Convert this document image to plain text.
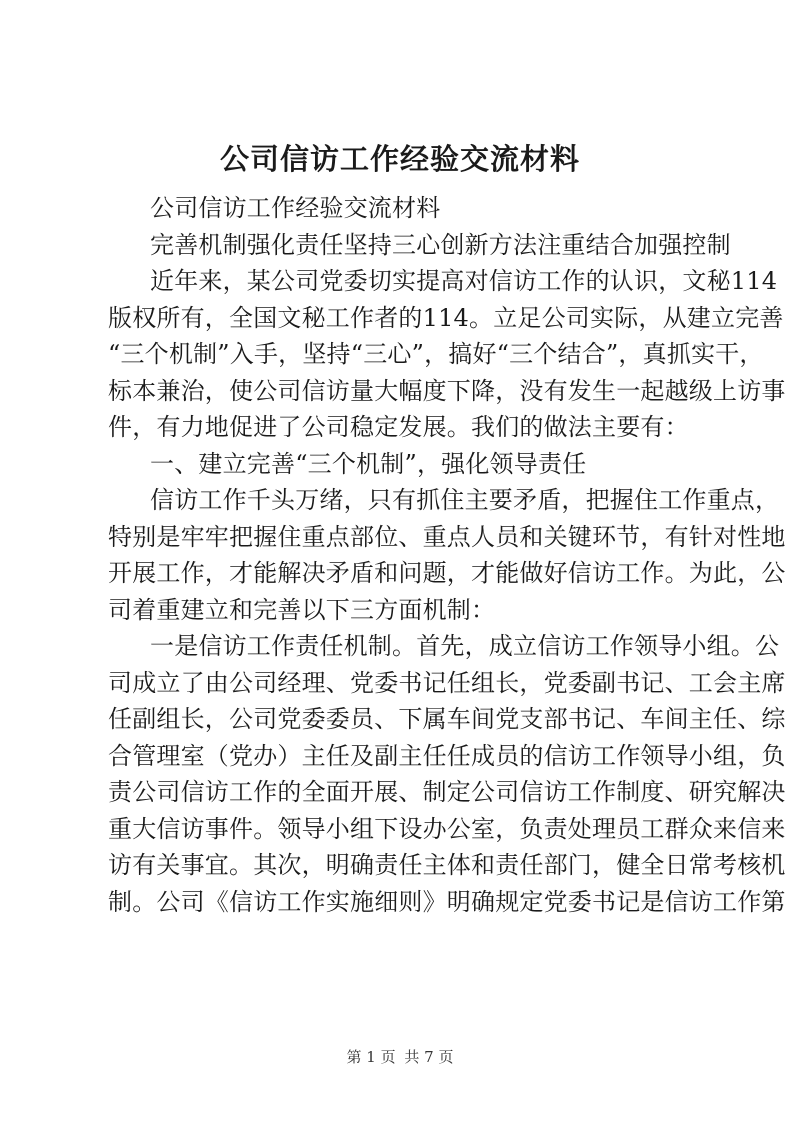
公司信访工作经验交流材料

公司信访工作经验交流材料

完善机制强化责任坚持三心创新方法注重结合加强控制

近年来，某公司党委切实提高对信访工作的认识，文秘114

版权所有，全国文秘工作者的114。立足公司实际，从建立完善

“三个机制”入手，坚持“三心”，搞好“三个结合”，真抓实干，

标本兼治，使公司信访量大幅度下降，没有发生一起越级上访事

件，有力地促进了公司稳定发展。我们的做法主要有：

一、建立完善“三个机制”，强化领导责任

信访工作千头万绪，只有抓住主要矛盾，把握住工作重点，

特别是牢牢把握住重点部位、重点人员和关键环节，有针对性地

开展工作，才能解决矛盾和问题，才能做好信访工作。为此，公

司着重建立和完善以下三方面机制：

一是信访工作责任机制。首先，成立信访工作领导小组。公

司成立了由公司经理、党委书记任组长，党委副书记、工会主席

任副组长，公司党委委员、下属车间党支部书记、车间主任、综

合管理室（党办）主任及副主任任成员的信访工作领导小组，负

责公司信访工作的全面开展、制定公司信访工作制度、研究解决

重大信访事件。领导小组下设办公室，负责处理员工群众来信来

访有关事宜。其次，明确责任主体和责任部门，健全日常考核机

制。公司《信访工作实施细则》明确规定党委书记是信访工作第

第 1 页 共 7 页
